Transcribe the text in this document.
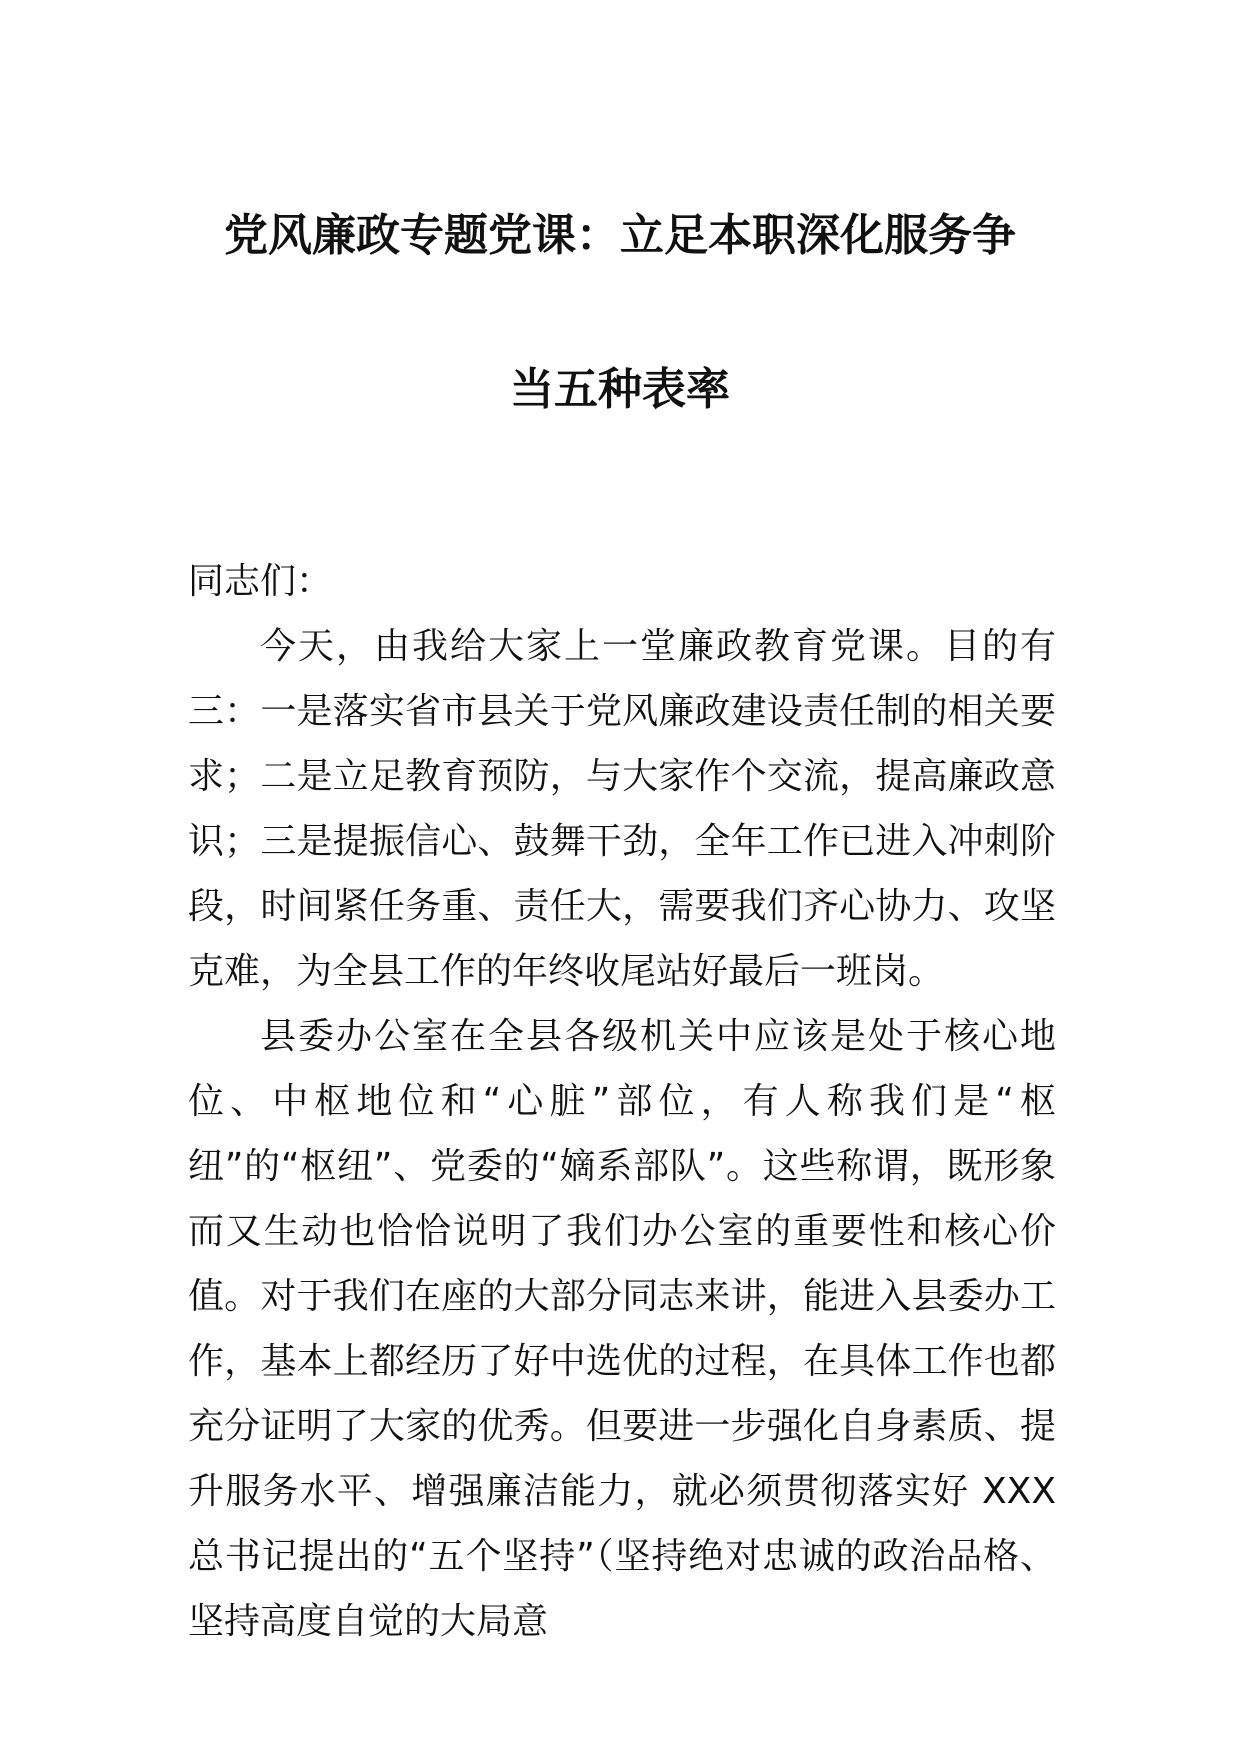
党风廉政专题党课：立足本职深化服务争
当五种表率

同志们：

今天，由我给大家上一堂廉政教育党课。目的有三：一是落实省市县关于党风廉政建设责任制的相关要求；二是立足教育预防，与大家作个交流，提高廉政意识；三是提振信心、鼓舞干劲，全年工作已进入冲刺阶段，时间紧任务重、责任大，需要我们齐心协力、攻坚克难，为全县工作的年终收尾站好最后一班岗。

县委办公室在全县各级机关中应该是处于核心地位、中枢地位和“心脏”部位，有人称我们是“枢纽”的“枢纽”、党委的“嫡系部队”。这些称谓，既形象而又生动也恰恰说明了我们办公室的重要性和核心价值。对于我们在座的大部分同志来讲，能进入县委办工作，基本上都经历了好中选优的过程，在具体工作也都充分证明了大家的优秀。但要进一步强化自身素质、提升服务水平、增强廉洁能力，就必须贯彻落实好 XXX 总书记提出的“五个坚持”（坚持绝对忠诚的政治品格、坚持高度自觉的大局意
